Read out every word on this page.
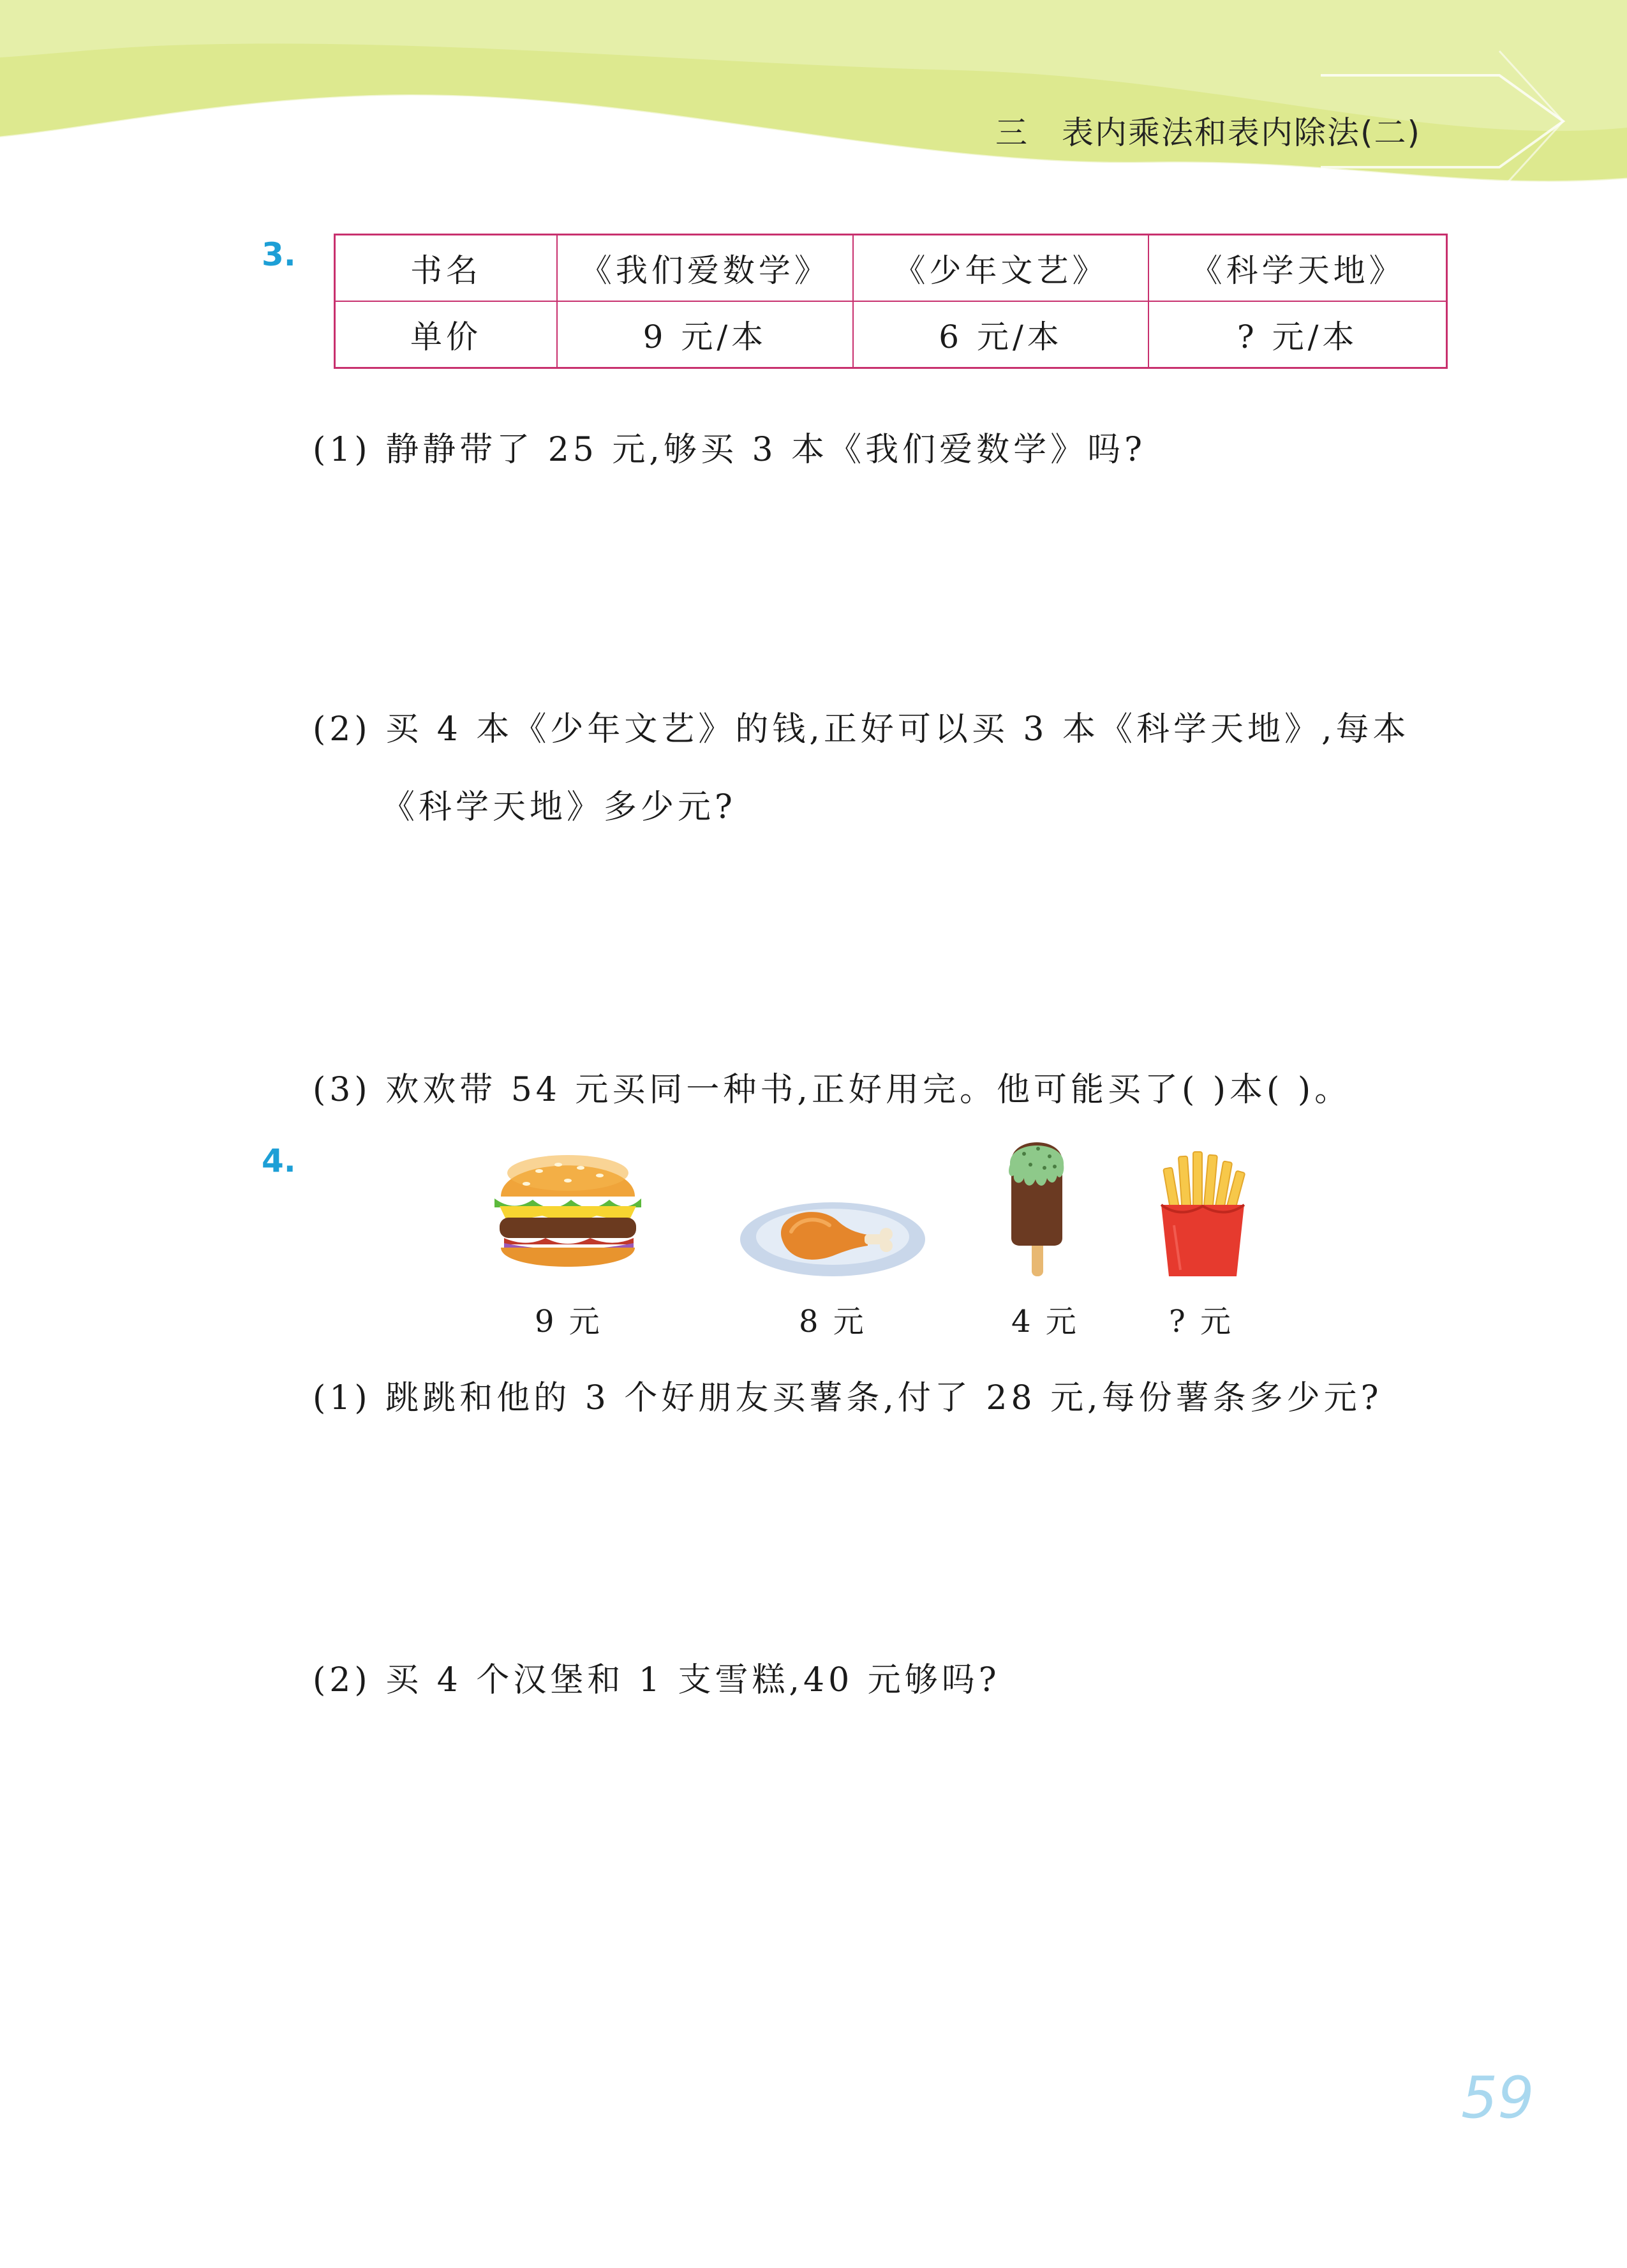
三 表内乘法和表内除法(二)
3.	书名	《我们爱数学》	《少年文艺》	《科学天地》
单价	9 元/本	6 元/本	? 元/本
(1) 静静带了 25 元,够买 3 本《我们爱数学》吗?
(2) 买 4 本《少年文艺》的钱,正好可以买 3 本《科学天地》,每本
《科学天地》多少元?
(3) 欢欢带 54 元买同一种书,正好用完。他可能买了( )本( )。
4.
9 元	8 元	4 元	? 元
(1) 跳跳和他的 3 个好朋友买薯条,付了 28 元,每份薯条多少元?
(2) 买 4 个汉堡和 1 支雪糕,40 元够吗?
59
